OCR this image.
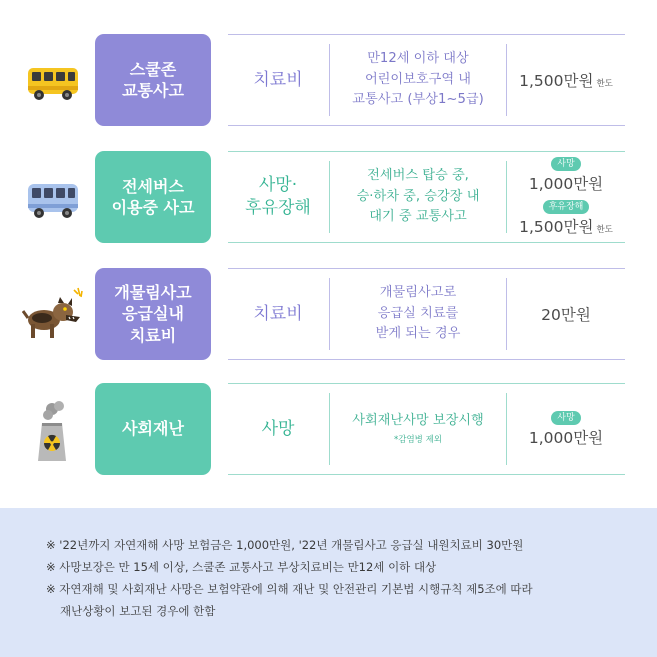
스쿨존
교통사고
치료비
만12세 이하 대상
어린이보호구역 내
교통사고 (부상1~5급)
1,500만원 한도
전세버스
이용중 사고
사망·
후유장해
전세버스 탑승 중,
승·하차 중, 승강장 내
대기 중 교통사고
사망
1,000만원
후유장해
1,500만원 한도
개물림사고
응급실내
치료비
치료비
개물림사고로
응급실 치료를
받게 되는 경우
20만원
사회재난	사망	사회재난사망 보장시행
*감염병 제외
사망
1,000만원

※ '22년까지 자연재해 사망 보험금은 1,000만원, '22년 개물림사고 응급실 내원치료비 30만원

※ 사망보장은 만 15세 이상, 스쿨존 교통사고 부상치료비는 만12세 이하 대상

※ 자연재해 및 사회재난 사망은 보험약관에 의해 재난 및 안전관리 기본법 시행규칙 제5조에 따라

재난상황이 보고된 경우에 한함
